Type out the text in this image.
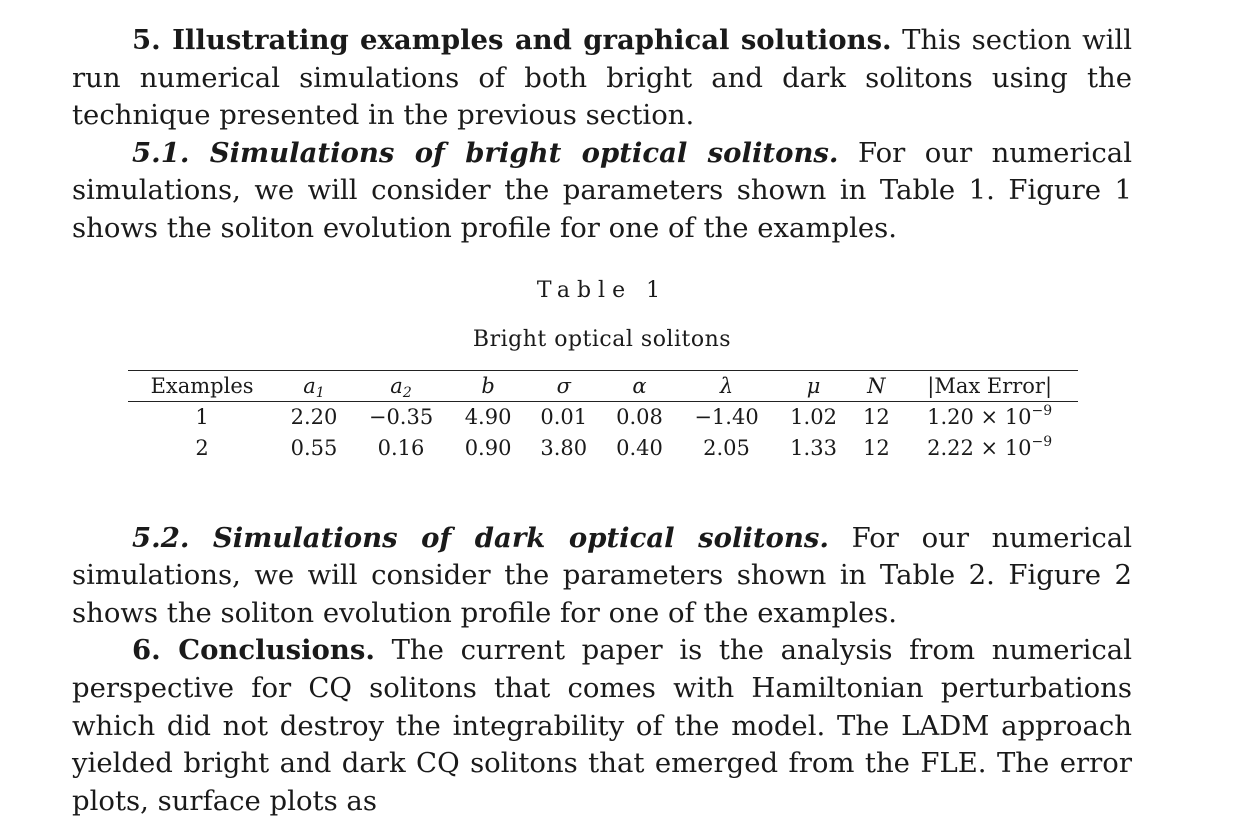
5. Illustrating examples and graphical solutions. This section will run numerical simulations of both bright and dark solitons using the technique presented in the previous section.

5.1. Simulations of bright optical solitons. For our numerical simulations, we will consider the parameters shown in Table 1. Figure 1 shows the soliton evolution profile for one of the examples.

Table 1

Bright optical solitons

Examples	$a_1$	$a_2$	b	σ	α	λ	μ	N	|Max Error|
1	2.20	−0.35	4.90	0.01	0.08	−1.40	1.02	12	$1.20 \times 10^{-9}$
2	0.55	0.16	0.90	3.80	0.40	2.05	1.33	12	$2.22 \times 10^{-9}$

5.2. Simulations of dark optical solitons. For our numerical simulations, we will consider the parameters shown in Table 2. Figure 2 shows the soliton evolution profile for one of the examples.

6. Conclusions. The current paper is the analysis from numerical perspective for CQ solitons that comes with Hamiltonian perturbations which did not destroy the integrability of the model. The LADM approach yielded bright and dark CQ solitons that emerged from the FLE. The error plots, surface plots as
